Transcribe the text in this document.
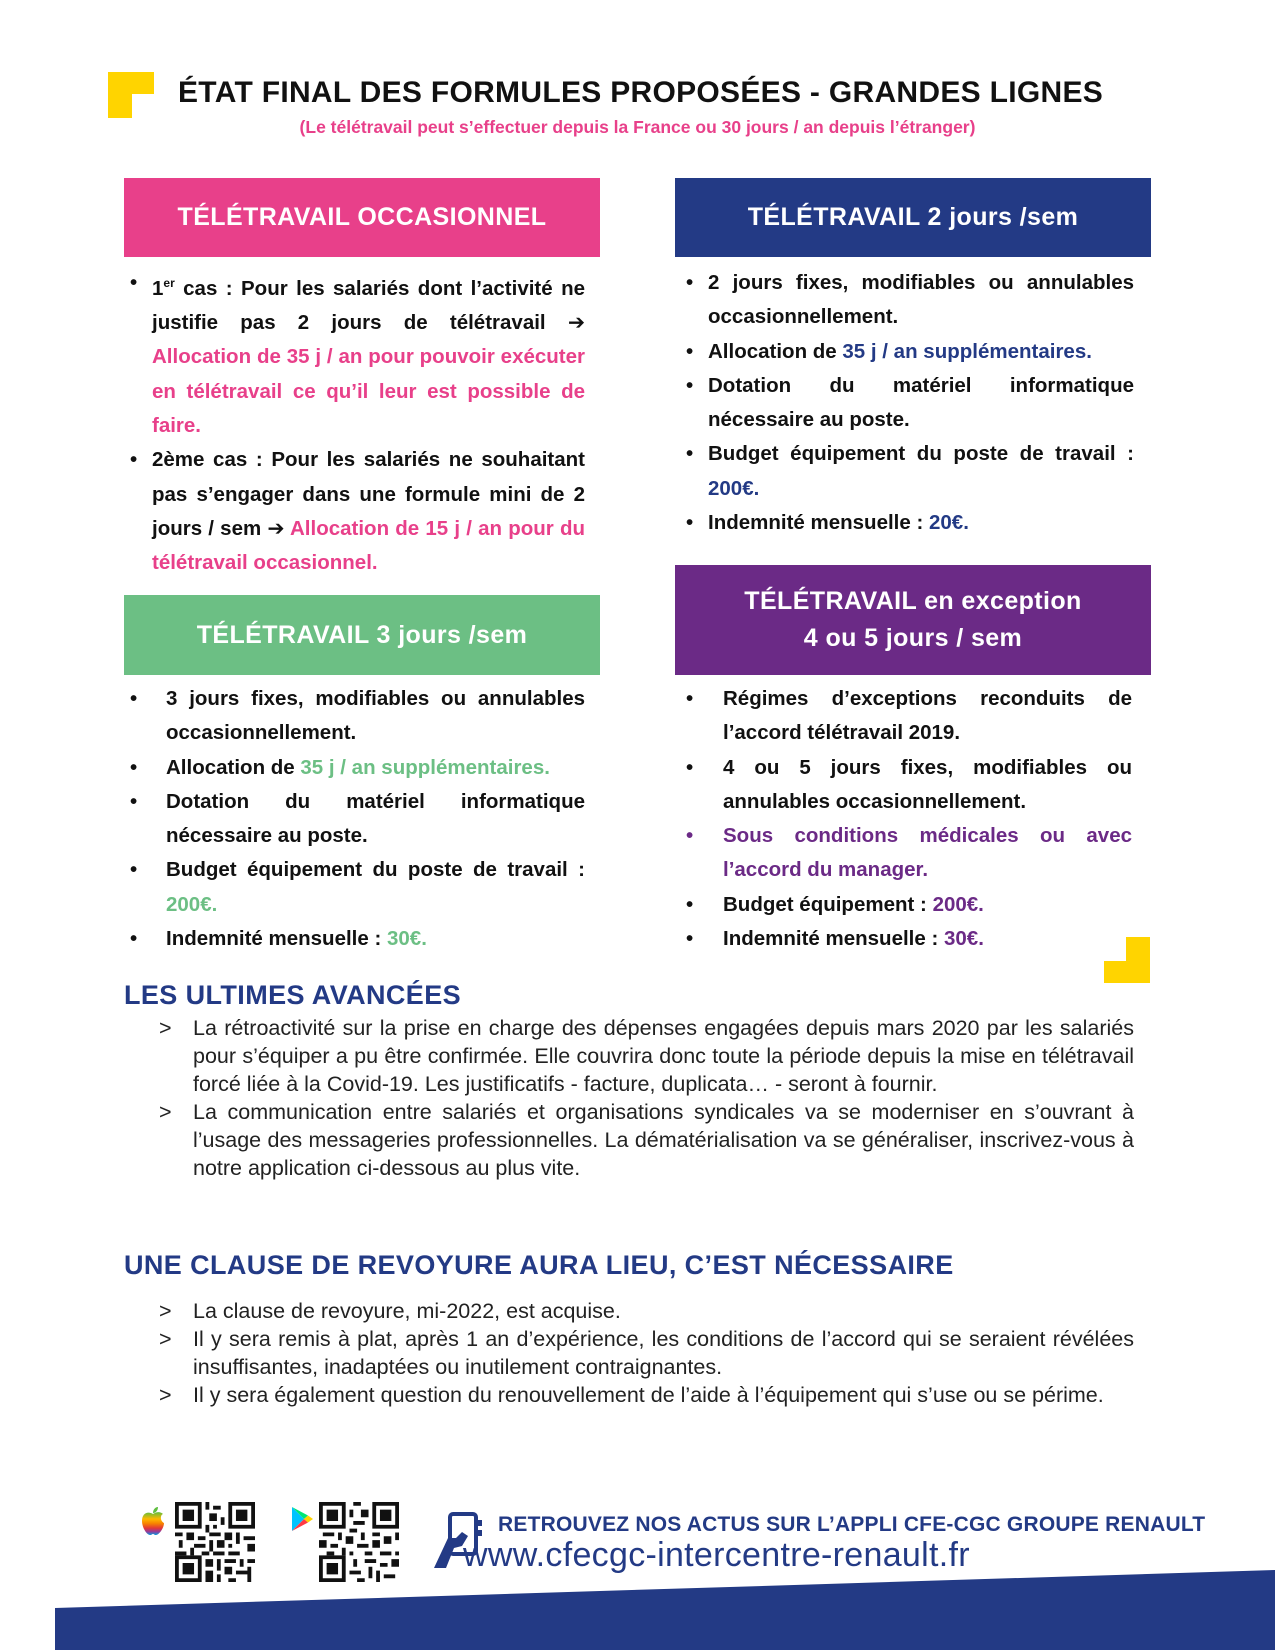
ÉTAT FINAL DES FORMULES PROPOSÉES - GRANDES LIGNES
(Le télétravail peut s’effectuer depuis la France ou 30 jours / an depuis l’étranger)
TÉLÉTRAVAIL OCCASIONNEL
• 1er cas : Pour les salariés dont l’activité ne justifie pas 2 jours de télétravail ➔ Allocation de 35 j / an pour pouvoir exécuter en télétravail ce qu’il leur est possible de faire.
• 2ème cas : Pour les salariés ne souhaitant pas s’engager dans une formule mini de 2 jours / sem ➔ Allocation de 15 j / an pour du télétravail occasionnel.
TÉLÉTRAVAIL 2 jours /sem
• 2 jours fixes, modifiables ou annulables occasionnellement.
• Allocation de 35 j / an supplémentaires.
• Dotation du matériel informatique nécessaire au poste.
• Budget équipement du poste de travail : 200€.
• Indemnité mensuelle : 20€.
TÉLÉTRAVAIL 3 jours /sem
• 3 jours fixes, modifiables ou annulables occasionnellement.
• Allocation de 35 j / an supplémentaires.
• Dotation du matériel informatique nécessaire au poste.
• Budget équipement du poste de travail : 200€.
• Indemnité mensuelle : 30€.
TÉLÉTRAVAIL en exception
4 ou 5 jours / sem
• Régimes d’exceptions reconduits de l’accord télétravail 2019.
• 4 ou 5 jours fixes, modifiables ou annulables occasionnellement.
• Sous conditions médicales ou avec l’accord du manager.
• Budget équipement : 200€.
• Indemnité mensuelle : 30€.
LES ULTIMES AVANCÉES
> La rétroactivité sur la prise en charge des dépenses engagées depuis mars 2020 par les salariés pour s’équiper a pu être confirmée. Elle couvrira donc toute la période depuis la mise en télétravail forcé liée à la Covid-19. Les justificatifs - facture, duplicata… - seront à fournir.
> La communication entre salariés et organisations syndicales va se moderniser en s’ouvrant à l’usage des messageries professionnelles. La dématérialisation va se généraliser, inscrivez-vous à notre application ci-dessous au plus vite.
UNE CLAUSE DE REVOYURE AURA LIEU, C’EST NÉCESSAIRE
> La clause de revoyure, mi-2022, est acquise.
> Il y sera remis à plat, après 1 an d’expérience, les conditions de l’accord qui se seraient révélées insuffisantes, inadaptées ou inutilement contraignantes.
> Il y sera également question du renouvellement de l’aide à l’équipement qui s’use ou se périme.
RETROUVEZ NOS ACTUS SUR L’APPLI CFE-CGC GROUPE RENAULT
www.cfecgc-intercentre-renault.fr
